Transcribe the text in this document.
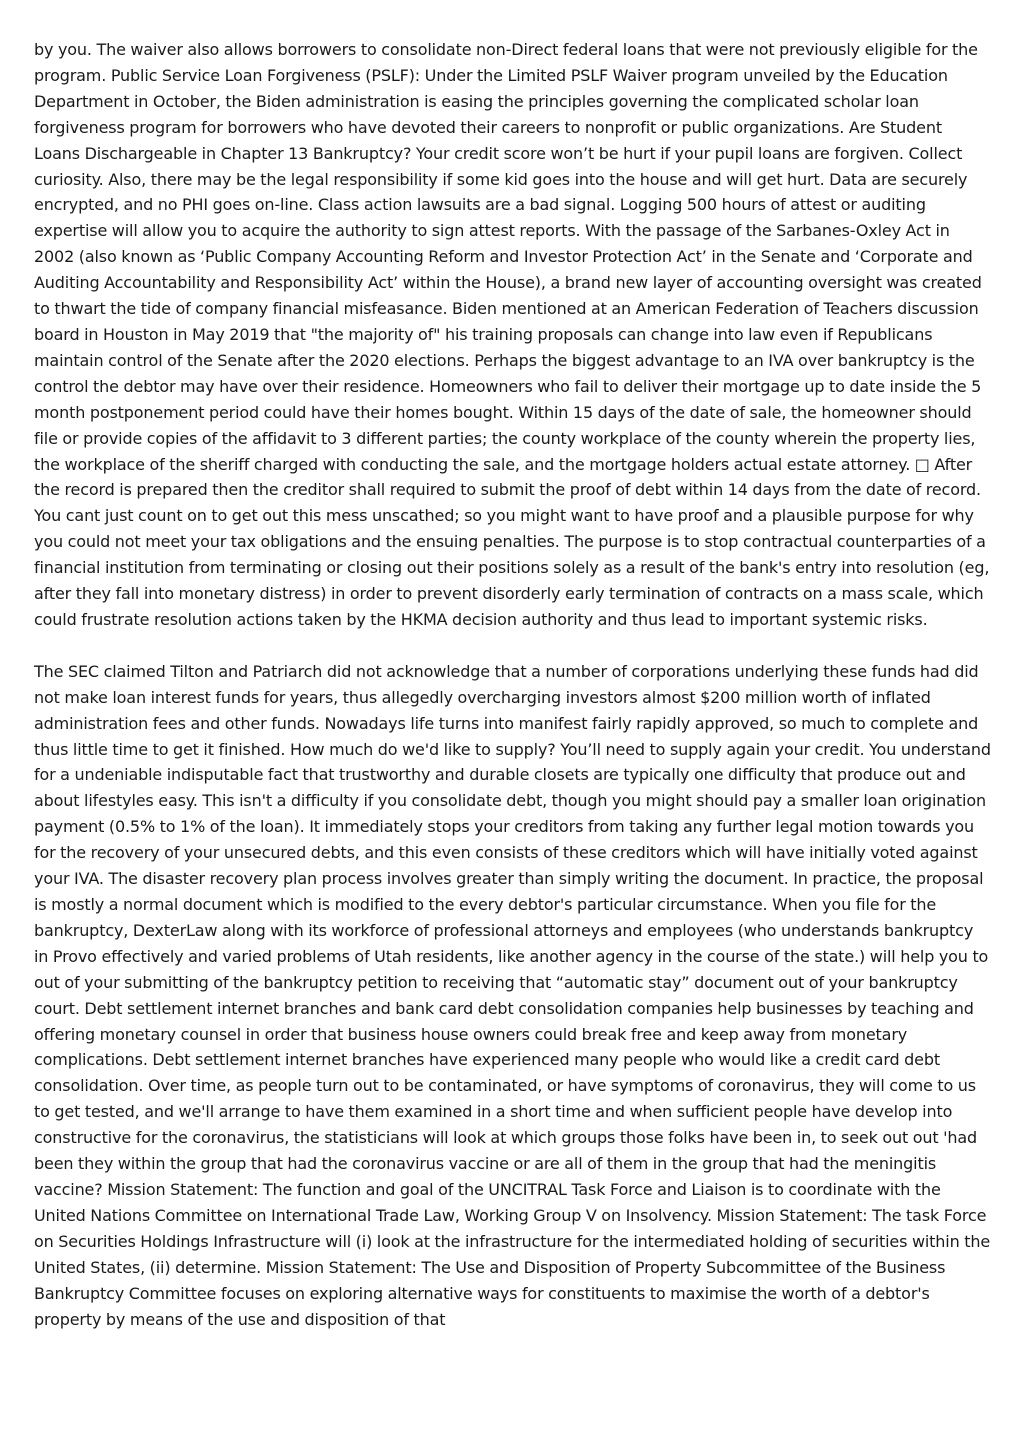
by you. The waiver also allows borrowers to consolidate non-Direct federal loans that were not previously eligible for the program. Public Service Loan Forgiveness (PSLF): Under the Limited PSLF Waiver program unveiled by the Education Department in October, the Biden administration is easing the principles governing the complicated scholar loan forgiveness program for borrowers who have devoted their careers to nonprofit or public organizations. Are Student Loans Dischargeable in Chapter 13 Bankruptcy? Your credit score won’t be hurt if your pupil loans are forgiven. Collect curiosity. Also, there may be the legal responsibility if some kid goes into the house and will get hurt. Data are securely encrypted, and no PHI goes on-line. Class action lawsuits are a bad signal. Logging 500 hours of attest or auditing expertise will allow you to acquire the authority to sign attest reports. With the passage of the Sarbanes-Oxley Act in 2002 (also known as ‘Public Company Accounting Reform and Investor Protection Act’ in the Senate and ‘Corporate and Auditing Accountability and Responsibility Act’ within the House), a brand new layer of accounting oversight was created to thwart the tide of company financial misfeasance. Biden mentioned at an American Federation of Teachers discussion board in Houston in May 2019 that "the majority of" his training proposals can change into law even if Republicans maintain control of the Senate after the 2020 elections. Perhaps the biggest advantage to an IVA over bankruptcy is the control the debtor may have over their residence. Homeowners who fail to deliver their mortgage up to date inside the 5 month postponement period could have their homes bought. Within 15 days of the date of sale, the homeowner should file or provide copies of the affidavit to 3 different parties; the county workplace of the county wherein the property lies, the workplace of the sheriff charged with conducting the sale, and the mortgage holders actual estate attorney. □ After the record is prepared then the creditor shall required to submit the proof of debt within 14 days from the date of record. You cant just count on to get out this mess unscathed; so you might want to have proof and a plausible purpose for why you could not meet your tax obligations and the ensuing penalties. The purpose is to stop contractual counterparties of a financial institution from terminating or closing out their positions solely as a result of the bank's entry into resolution (eg, after they fall into monetary distress) in order to prevent disorderly early termination of contracts on a mass scale, which could frustrate resolution actions taken by the HKMA decision authority and thus lead to important systemic risks.

The SEC claimed Tilton and Patriarch did not acknowledge that a number of corporations underlying these funds had did not make loan interest funds for years, thus allegedly overcharging investors almost $200 million worth of inflated administration fees and other funds. Nowadays life turns into manifest fairly rapidly approved, so much to complete and thus little time to get it finished. How much do we'd like to supply? You’ll need to supply again your credit. You understand for a undeniable indisputable fact that trustworthy and durable closets are typically one difficulty that produce out and about lifestyles easy. This isn't a difficulty if you consolidate debt, though you might should pay a smaller loan origination payment (0.5% to 1% of the loan). It immediately stops your creditors from taking any further legal motion towards you for the recovery of your unsecured debts, and this even consists of these creditors which will have initially voted against your IVA. The disaster recovery plan process involves greater than simply writing the document. In practice, the proposal is mostly a normal document which is modified to the every debtor's particular circumstance. When you file for the bankruptcy, DexterLaw along with its workforce of professional attorneys and employees (who understands bankruptcy in Provo effectively and varied problems of Utah residents, like another agency in the course of the state.) will help you to out of your submitting of the bankruptcy petition to receiving that “automatic stay” document out of your bankruptcy court. Debt settlement internet branches and bank card debt consolidation companies help businesses by teaching and offering monetary counsel in order that business house owners could break free and keep away from monetary complications. Debt settlement internet branches have experienced many people who would like a credit card debt consolidation. Over time, as people turn out to be contaminated, or have symptoms of coronavirus, they will come to us to get tested, and we'll arrange to have them examined in a short time and when sufficient people have develop into constructive for the coronavirus, the statisticians will look at which groups those folks have been in, to seek out out 'had been they within the group that had the coronavirus vaccine or are all of them in the group that had the meningitis vaccine? Mission Statement: The function and goal of the UNCITRAL Task Force and Liaison is to coordinate with the United Nations Committee on International Trade Law, Working Group V on Insolvency. Mission Statement: The task Force on Securities Holdings Infrastructure will (i) look at the infrastructure for the intermediated holding of securities within the United States, (ii) determine. Mission Statement: The Use and Disposition of Property Subcommittee of the Business Bankruptcy Committee focuses on exploring alternative ways for constituents to maximise the worth of a debtor's property by means of the use and disposition of that
